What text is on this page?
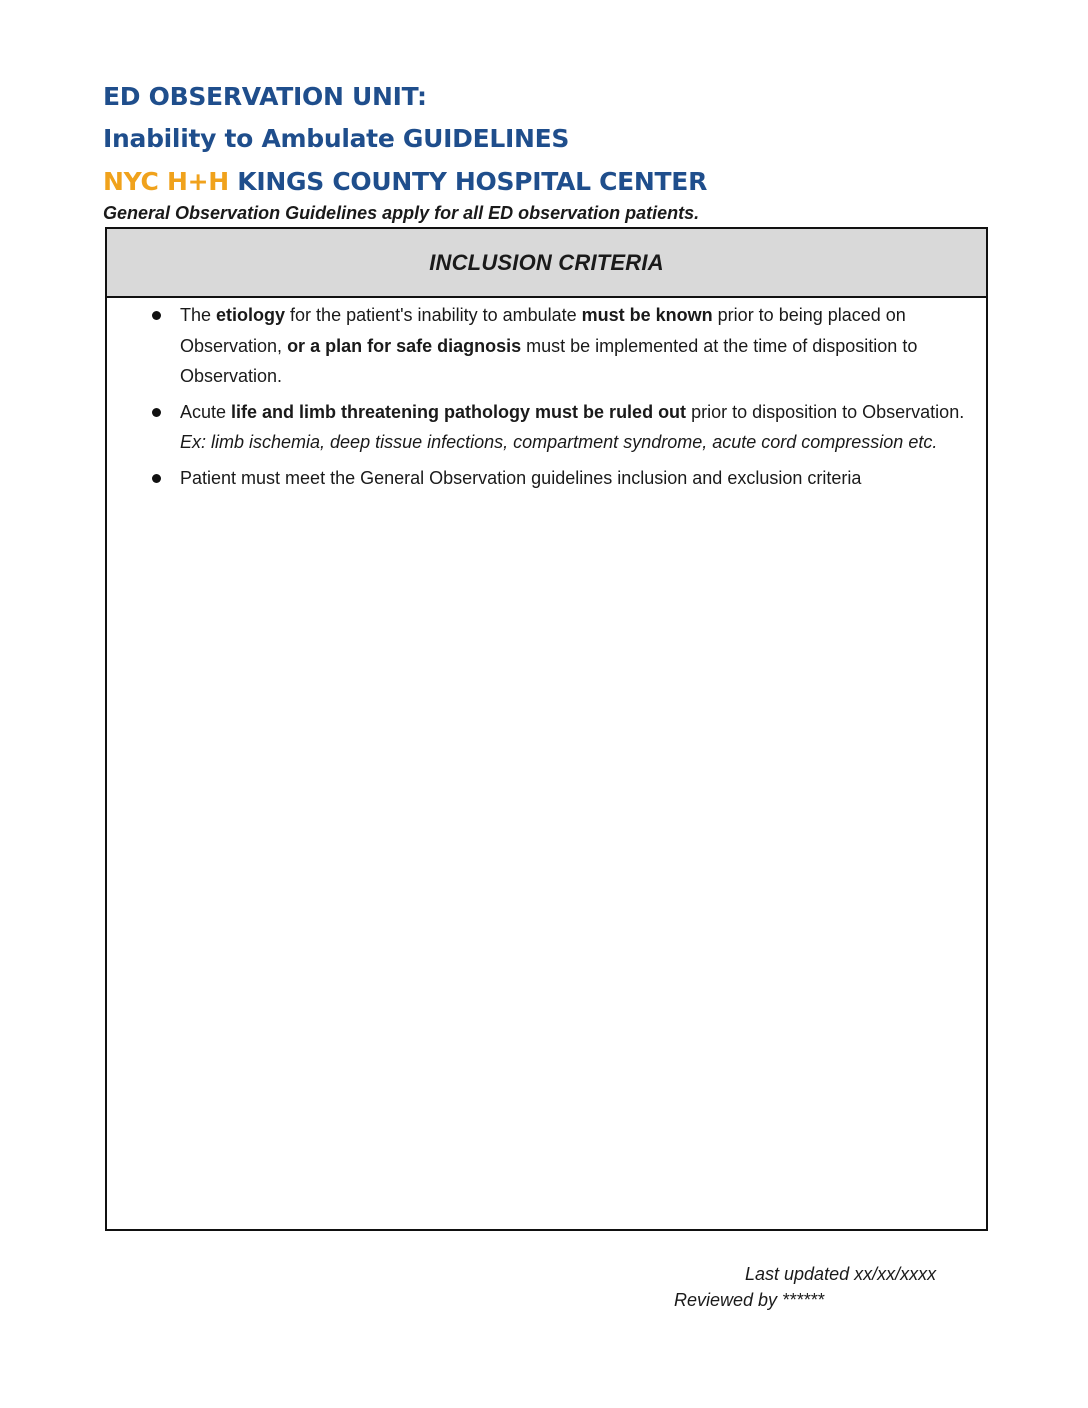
ED OBSERVATION UNIT:
Inability to Ambulate GUIDELINES
NYC H+H KINGS COUNTY HOSPITAL CENTER

General Observation Guidelines apply for all ED observation patients.

INCLUSION CRITERIA
The etiology for the patient's inability to ambulate must be known prior to being placed on Observation, or a plan for safe diagnosis must be implemented at the time of disposition to Observation.
Acute life and limb threatening pathology must be ruled out prior to disposition to Observation. Ex: limb ischemia, deep tissue infections, compartment syndrome, acute cord compression etc.
Patient must meet the General Observation guidelines inclusion and exclusion criteria

Last updated xx/xx/xxxx

Reviewed by ******
